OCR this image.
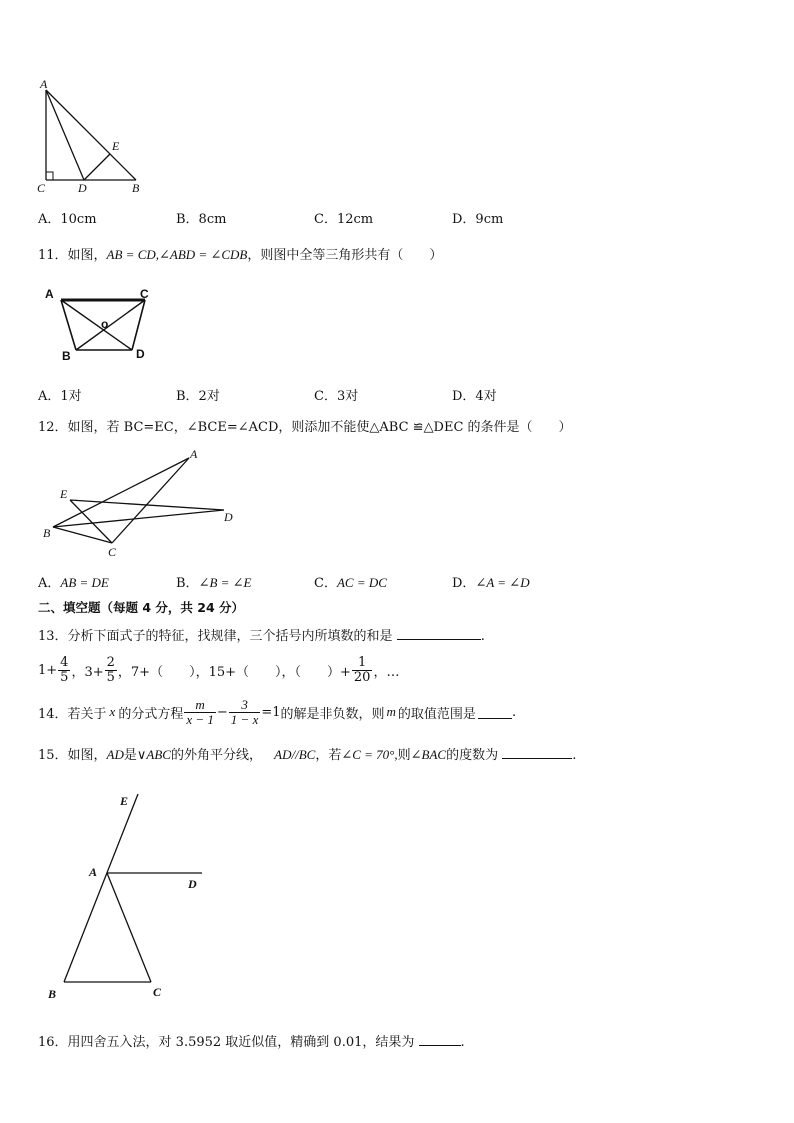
A
C	D	B
E
A．10cm	B．8cm	C．12cm	D．9cm
11．如图，AB = CD,∠ABD = ∠CDB，则图中全等三角形共有（　　）
A	C
o
B	D
A．1对	B．2对	C．3对	D．4对
12．如图，若 BC=EC，∠BCE=∠ACD，则添加不能使△ABC ≌△DEC 的条件是（　　）
A
E
D
B
C
A．AB = DE	B．∠B = ∠E	C．AC = DC	D．∠A = ∠D
二、填空题（每题 4 分，共 24 分）
13．分析下面式子的特征，找规律，三个括号内所填数的和是	.
$1+ \frac{4}{5}$ ，$3+ \frac{2}{5}$ ，7+（　　），15+（　　），（　　）+ $\frac{1}{20}$ ，…
14．若关于 x 的分式方程 $\frac{m}{x - 1} - \frac{3}{1 - x} =1$ 的解是非负数，则 m 的取值范围是	.
15．如图，AD是∨ABC的外角平分线， AD//BC，若∠C = 70°,则∠BAC的度数为	.
E
A
D
B	C
16．用四舍五入法，对 3.5952 取近似值，精确到 0.01，结果为	.
